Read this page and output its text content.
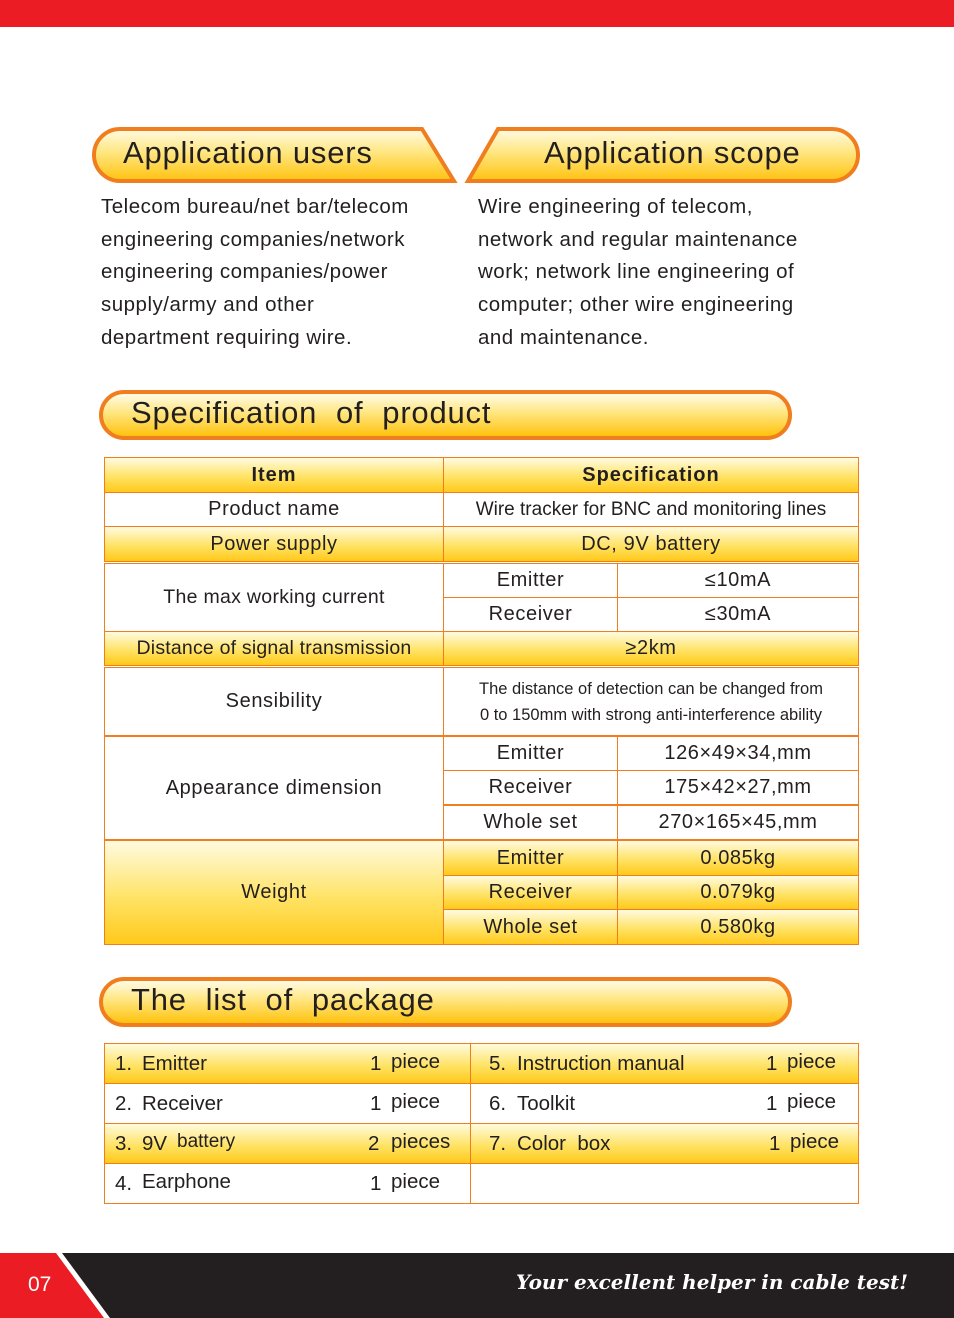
Application users	Application scope
Telecom bureau/net bar/telecom
engineering companies/network
engineering companies/power
supply/army and other
department requiring wire.
Wire engineering of telecom,
network and regular maintenance
work; network line engineering of
computer; other wire engineering
and maintenance.
Specification  of  product
Item	Specification
Product name	Wire tracker for BNC and monitoring lines
Power supply	DC, 9V battery
The max working current
Emitter	≤10mA
Receiver	≤30mA
Distance of signal transmission	≥2km
Sensibility
The distance of detection can be changed from
0 to 150mm with strong anti-interference ability
Appearance dimension
Emitter	126×49×34,mm
Receiver	175×42×27,mm
Whole set	270×165×45,mm
Weight
Emitter	0.085kg
Receiver	0.079kg
Whole set	0.580kg
The  list  of  package
1. Emitter	1 piece
2. Receiver	1 piece
3. 9V battery	2 pieces
4. Earphone	1 piece
5. Instruction manual	1 piece
6. Toolkit	1 piece
7. Color  box	1 piece
07	Your excellent helper in cable test!
